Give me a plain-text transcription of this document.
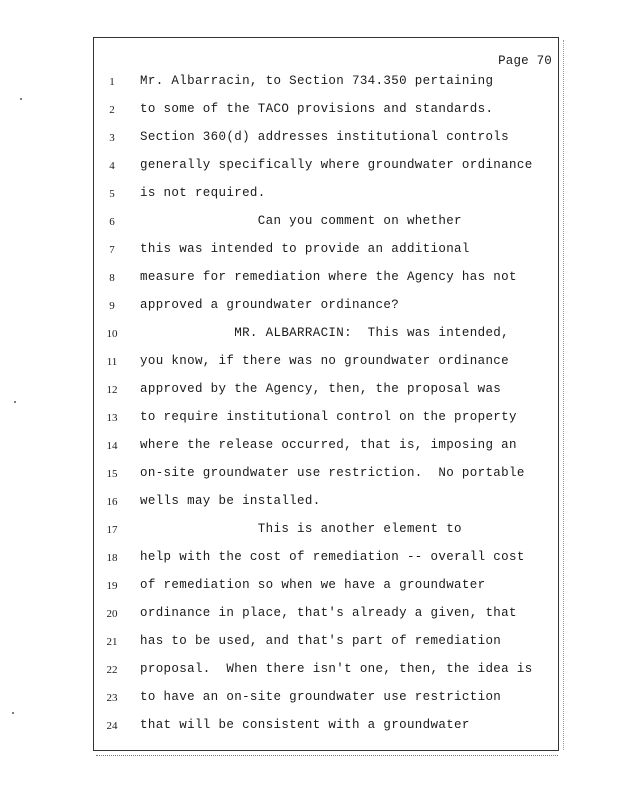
Page 70
1	Mr. Albarracin, to Section 734.350 pertaining
2	to some of the TACO provisions and standards.
3	Section 360(d) addresses institutional controls
4	generally specifically where groundwater ordinance
5	is not required.
6	Can you comment on whether
7	this was intended to provide an additional
8	measure for remediation where the Agency has not
9	approved a groundwater ordinance?
10	MR. ALBARRACIN:  This was intended,
11	you know, if there was no groundwater ordinance
12	approved by the Agency, then, the proposal was
13	to require institutional control on the property
14	where the release occurred, that is, imposing an
15	on-site groundwater use restriction.  No portable
16	wells may be installed.
17	This is another element to
18	help with the cost of remediation -- overall cost
19	of remediation so when we have a groundwater
20	ordinance in place, that's already a given, that
21	has to be used, and that's part of remediation
22	proposal.  When there isn't one, then, the idea is
23	to have an on-site groundwater use restriction
24	that will be consistent with a groundwater
